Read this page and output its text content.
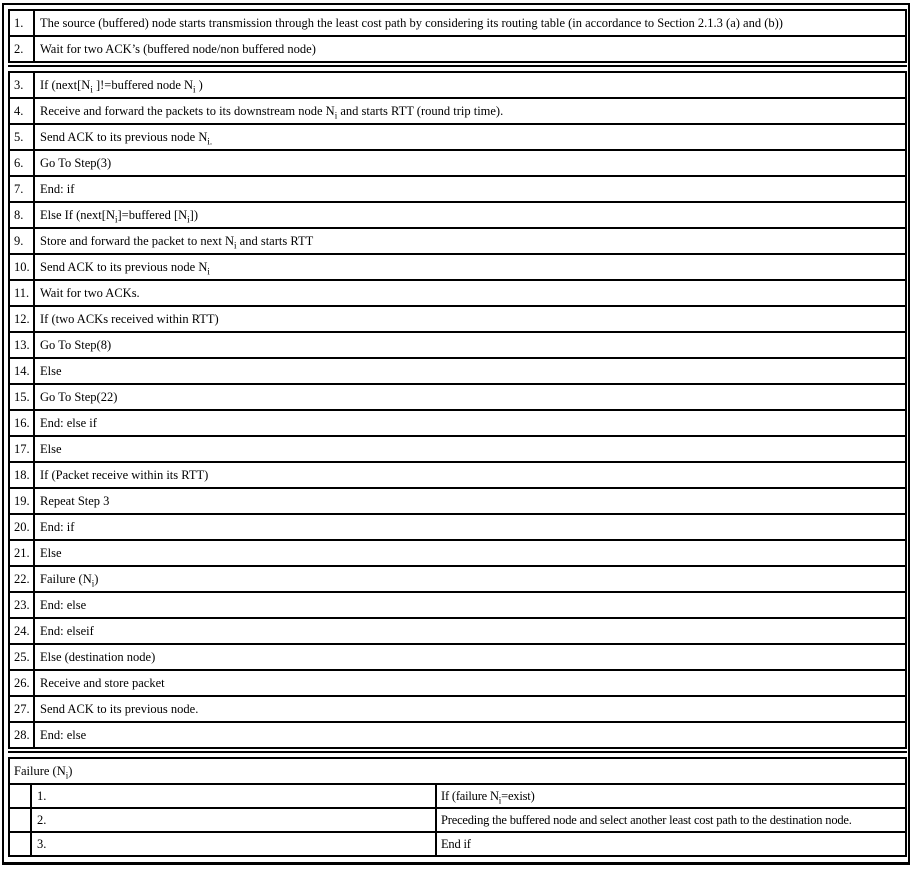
1.	The source (buffered) node starts transmission through the least cost path by considering its routing table (in accordance to Section 2.1.3 (a) and (b))
2.	Wait for two ACK’s (buffered node/non buffered node)
3.	If ($next[N_i$ ]!=buffered node $N_i$ )
4.	Receive and forward the packets to its downstream node $N_i$ and starts RTT (round trip time).
5.	Send ACK to its previous node $N_{i.}$
6.	Go To Step(3)
7.	End: if
8.	Else If ($next[N_i]=buffered$ $[N_i]$)
9.	Store and forward the packet to next $N_i$ and starts RTT
10.	Send ACK to its previous node $N_i$
11.	Wait for two ACKs.
12.	If (two ACKs received within RTT)
13.	Go To Step(8)
14.	Else
15.	Go To Step(22)
16.	End: else if
17.	Else
18.	If (Packet receive within its RTT)
19.	Repeat Step 3
20.	End: if
21.	Else
22.	Failure $(N_i)$
23.	End: else
24.	End: elseif
25.	Else (destination node)
26.	Receive and store packet
27.	Send ACK to its previous node.
28.	End: else
Failure $(N_i)$		
	1.	If (failure $N_i=exist$)
	2.	Preceding the buffered node and select another least cost path to the destination node.
	3.	End if
